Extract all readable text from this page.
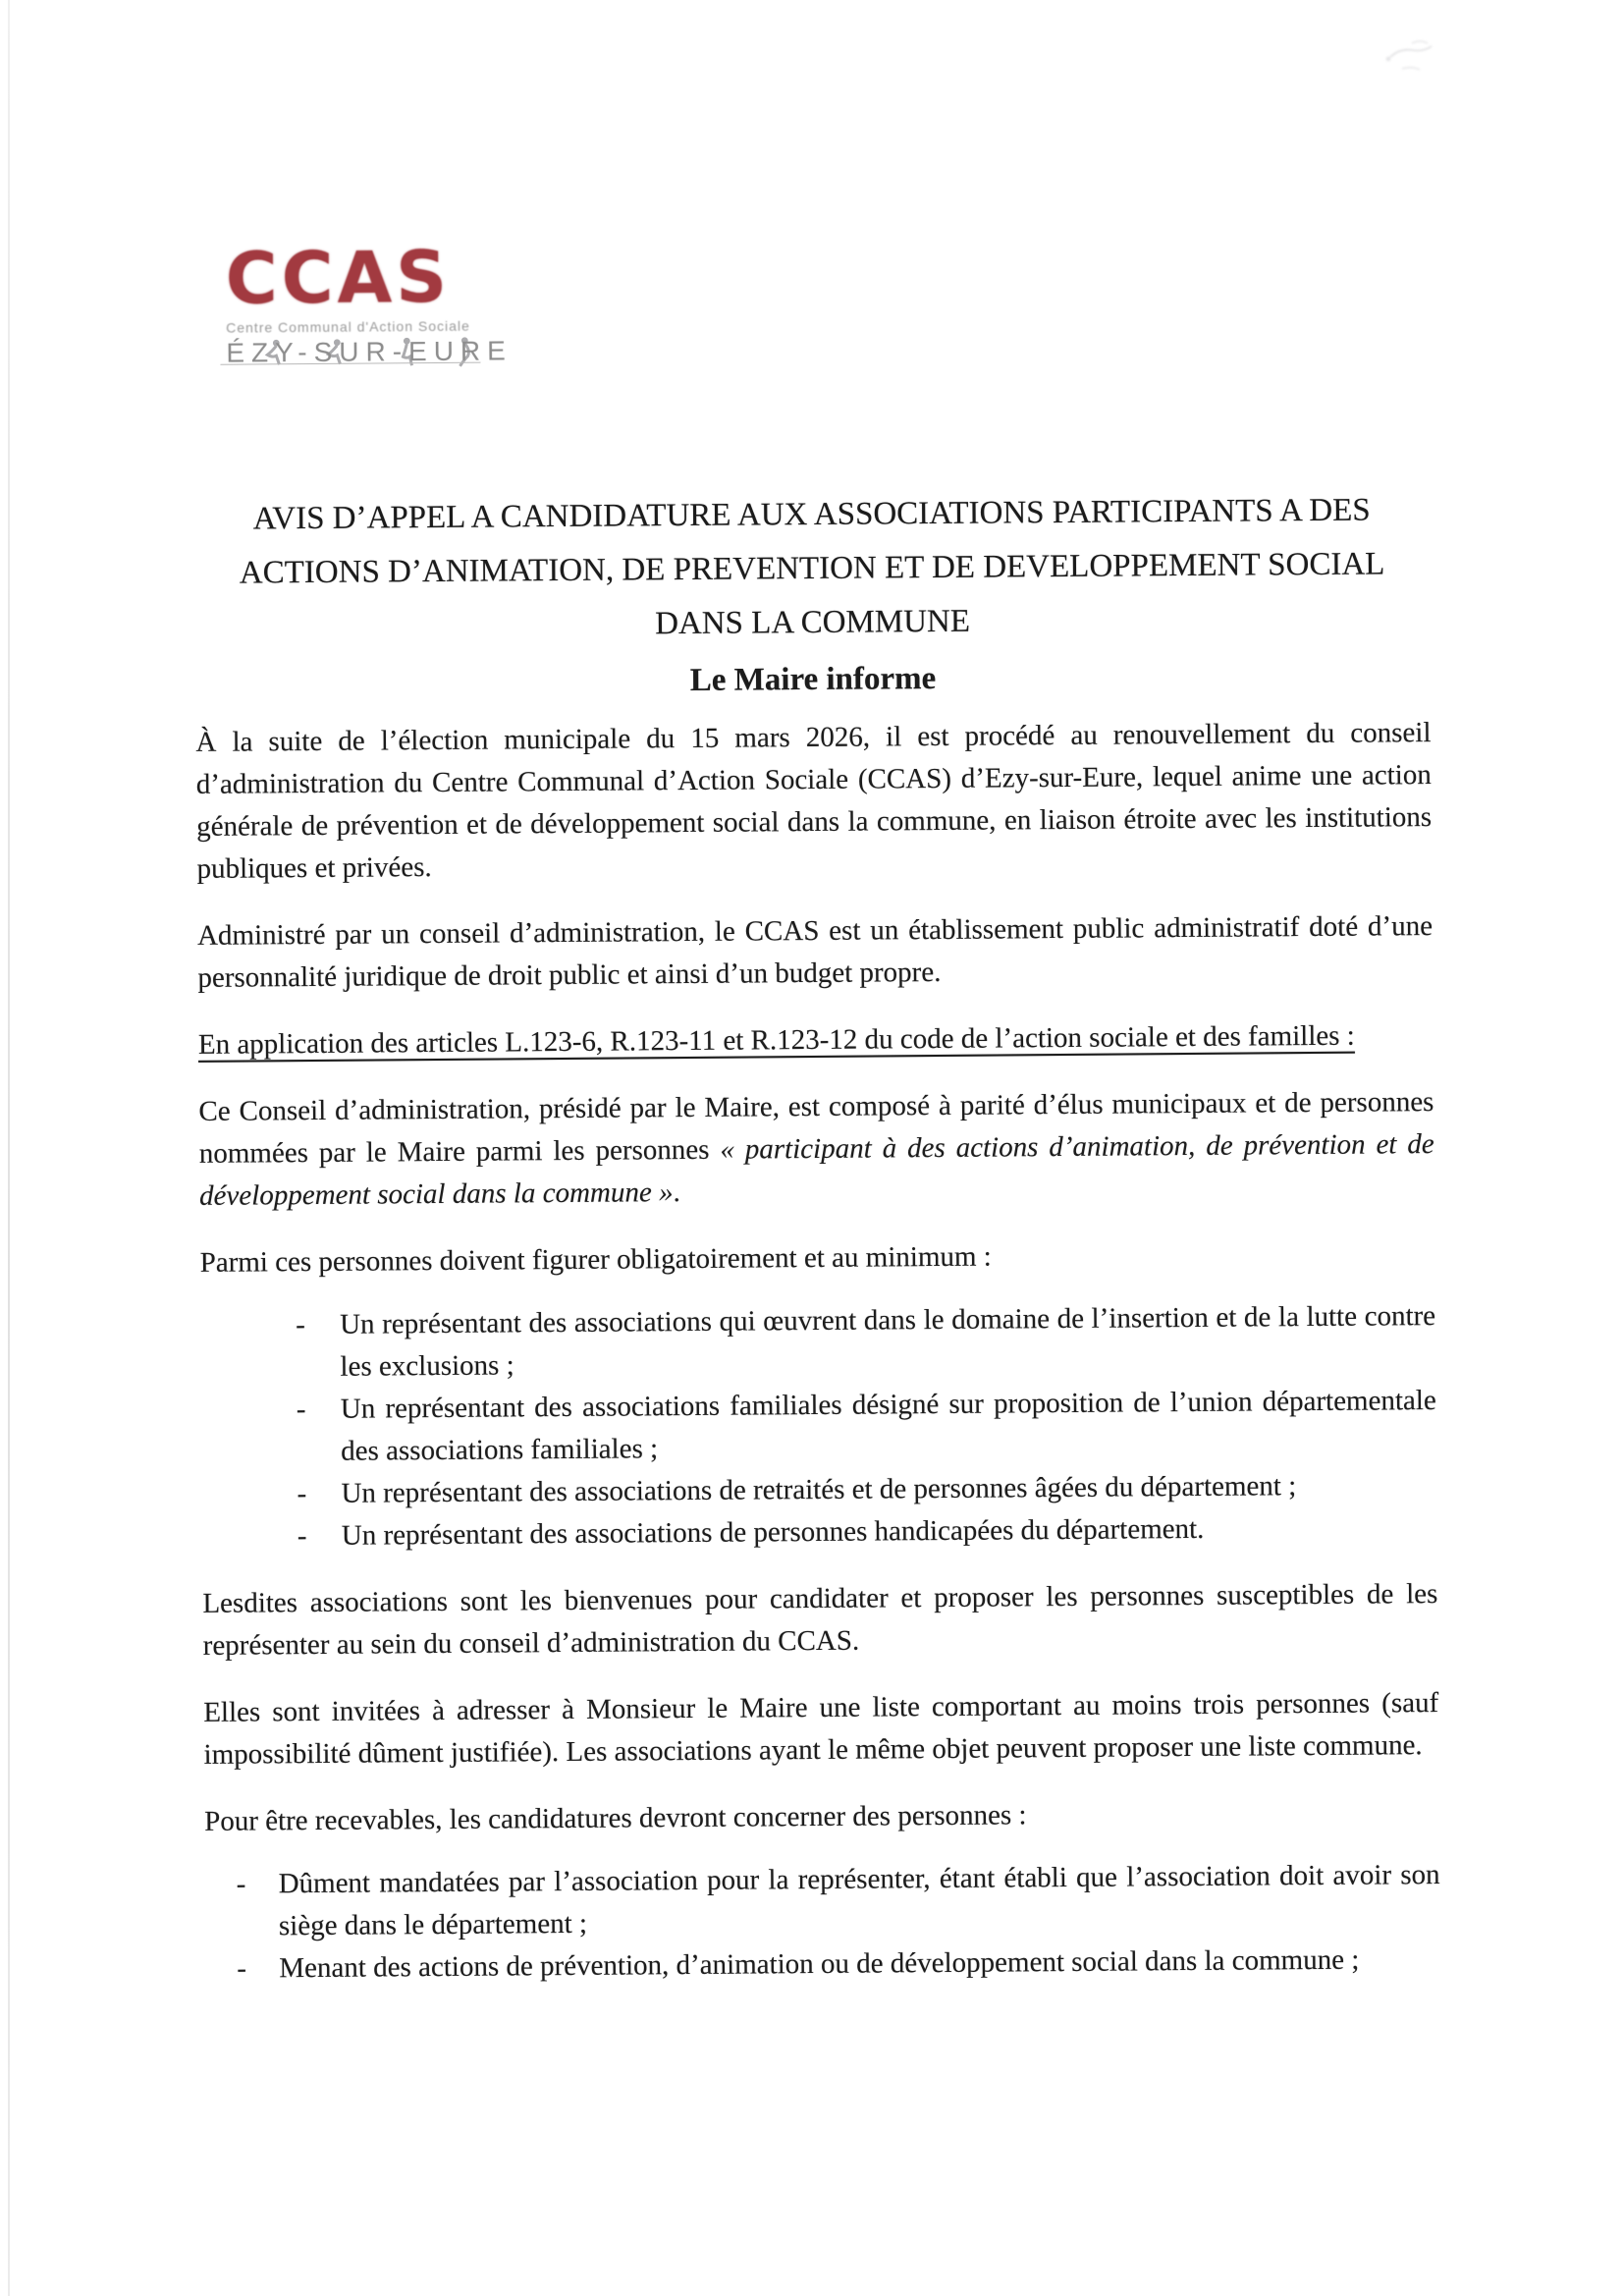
CCAS
Centre Communal d'Action Sociale
ÉZY-SUR-EURE
AVIS D’APPEL A CANDIDATURE AUX ASSOCIATIONS PARTICIPANTS A DES
ACTIONS D’ANIMATION, DE PREVENTION ET DE DEVELOPPEMENT SOCIAL
DANS LA COMMUNE
Le Maire informe

À la suite de l’élection municipale du 15 mars 2026, il est procédé au renouvellement du conseil d’administration du Centre Communal d’Action Sociale (CCAS) d’Ezy-sur-Eure, lequel anime une action générale de prévention et de développement social dans la commune, en liaison étroite avec les institutions publiques et privées.

Administré par un conseil d’administration, le CCAS est un établissement public administratif doté d’une personnalité juridique de droit public et ainsi d’un budget propre.

En application des articles L.123-6, R.123-11 et R.123-12 du code de l’action sociale et des familles :

Ce Conseil d’administration, présidé par le Maire, est composé à parité d’élus municipaux et de personnes nommées par le Maire parmi les personnes « participant à des actions d’animation, de prévention et de développement social dans la commune ».

Parmi ces personnes doivent figurer obligatoirement et au minimum :

- Un représentant des associations qui œuvrent dans le domaine de l’insertion et de la lutte contre les exclusions ;
- Un représentant des associations familiales désigné sur proposition de l’union départementale des associations familiales ;
- Un représentant des associations de retraités et de personnes âgées du département ;
- Un représentant des associations de personnes handicapées du département.

Lesdites associations sont les bienvenues pour candidater et proposer les personnes susceptibles de les représenter au sein du conseil d’administration du CCAS.

Elles sont invitées à adresser à Monsieur le Maire une liste comportant au moins trois personnes (sauf impossibilité dûment justifiée). Les associations ayant le même objet peuvent proposer une liste commune.

Pour être recevables, les candidatures devront concerner des personnes :

- Dûment mandatées par l’association pour la représenter, étant établi que l’association doit avoir son siège dans le département ;
- Menant des actions de prévention, d’animation ou de développement social dans la commune ;
